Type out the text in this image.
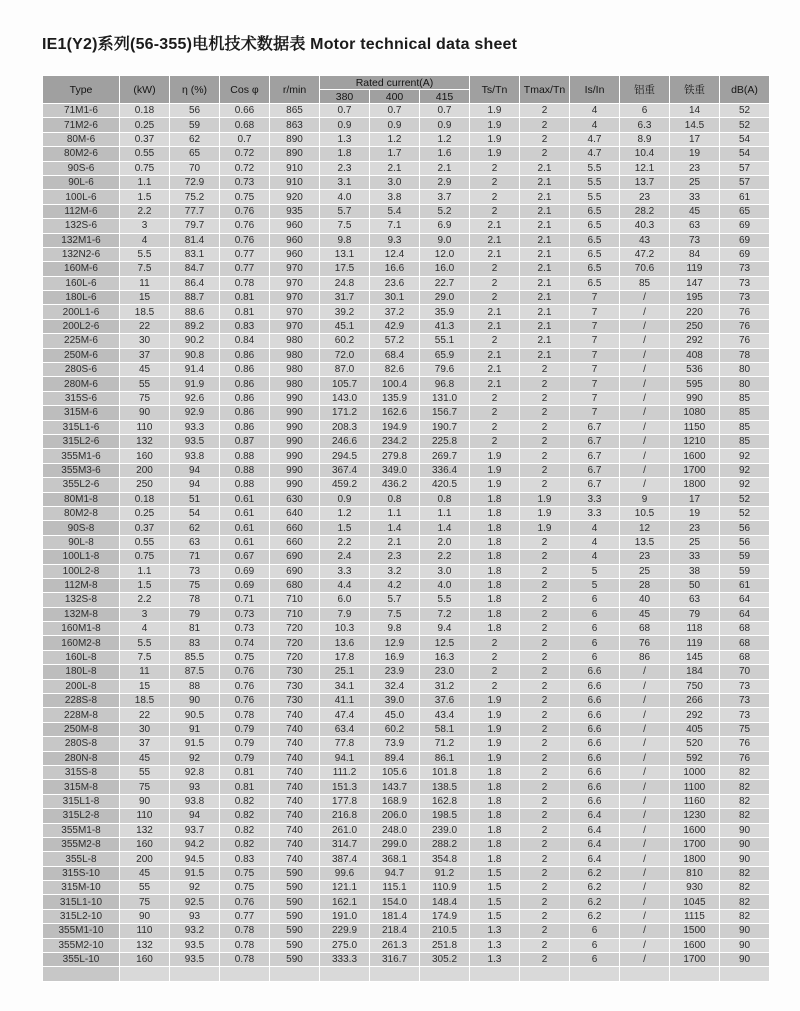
IE1(Y2)系列(56-355)电机技术数据表 Motor technical data sheet
Type	(kW)	η (%)	Cos φ	r/min	Rated current(A)			Ts/Tn	Tmax/Tn	Is/In	铝重	铁重	dB(A)
					380	400	415						
71M1-6	0.18	56	0.66	865	0.7	0.7	0.7	1.9	2	4	6	14	52
71M2-6	0.25	59	0.68	863	0.9	0.9	0.9	1.9	2	4	6.3	14.5	52
80M-6	0.37	62	0.7	890	1.3	1.2	1.2	1.9	2	4.7	8.9	17	54
80M2-6	0.55	65	0.72	890	1.8	1.7	1.6	1.9	2	4.7	10.4	19	54
90S-6	0.75	70	0.72	910	2.3	2.1	2.1	2	2.1	5.5	12.1	23	57
90L-6	1.1	72.9	0.73	910	3.1	3.0	2.9	2	2.1	5.5	13.7	25	57
100L-6	1.5	75.2	0.75	920	4.0	3.8	3.7	2	2.1	5.5	23	33	61
112M-6	2.2	77.7	0.76	935	5.7	5.4	5.2	2	2.1	6.5	28.2	45	65
132S-6	3	79.7	0.76	960	7.5	7.1	6.9	2.1	2.1	6.5	40.3	63	69
132M1-6	4	81.4	0.76	960	9.8	9.3	9.0	2.1	2.1	6.5	43	73	69
132N2-6	5.5	83.1	0.77	960	13.1	12.4	12.0	2.1	2.1	6.5	47.2	84	69
160M-6	7.5	84.7	0.77	970	17.5	16.6	16.0	2	2.1	6.5	70.6	119	73
160L-6	11	86.4	0.78	970	24.8	23.6	22.7	2	2.1	6.5	85	147	73
180L-6	15	88.7	0.81	970	31.7	30.1	29.0	2	2.1	7	/	195	73
200L1-6	18.5	88.6	0.81	970	39.2	37.2	35.9	2.1	2.1	7	/	220	76
200L2-6	22	89.2	0.83	970	45.1	42.9	41.3	2.1	2.1	7	/	250	76
225M-6	30	90.2	0.84	980	60.2	57.2	55.1	2	2.1	7	/	292	76
250M-6	37	90.8	0.86	980	72.0	68.4	65.9	2.1	2.1	7	/	408	78
280S-6	45	91.4	0.86	980	87.0	82.6	79.6	2.1	2	7	/	536	80
280M-6	55	91.9	0.86	980	105.7	100.4	96.8	2.1	2	7	/	595	80
315S-6	75	92.6	0.86	990	143.0	135.9	131.0	2	2	7	/	990	85
315M-6	90	92.9	0.86	990	171.2	162.6	156.7	2	2	7	/	1080	85
315L1-6	110	93.3	0.86	990	208.3	194.9	190.7	2	2	6.7	/	1150	85
315L2-6	132	93.5	0.87	990	246.6	234.2	225.8	2	2	6.7	/	1210	85
355M1-6	160	93.8	0.88	990	294.5	279.8	269.7	1.9	2	6.7	/	1600	92
355M3-6	200	94	0.88	990	367.4	349.0	336.4	1.9	2	6.7	/	1700	92
355L2-6	250	94	0.88	990	459.2	436.2	420.5	1.9	2	6.7	/	1800	92
80M1-8	0.18	51	0.61	630	0.9	0.8	0.8	1.8	1.9	3.3	9	17	52
80M2-8	0.25	54	0.61	640	1.2	1.1	1.1	1.8	1.9	3.3	10.5	19	52
90S-8	0.37	62	0.61	660	1.5	1.4	1.4	1.8	1.9	4	12	23	56
90L-8	0.55	63	0.61	660	2.2	2.1	2.0	1.8	2	4	13.5	25	56
100L1-8	0.75	71	0.67	690	2.4	2.3	2.2	1.8	2	4	23	33	59
100L2-8	1.1	73	0.69	690	3.3	3.2	3.0	1.8	2	5	25	38	59
112M-8	1.5	75	0.69	680	4.4	4.2	4.0	1.8	2	5	28	50	61
132S-8	2.2	78	0.71	710	6.0	5.7	5.5	1.8	2	6	40	63	64
132M-8	3	79	0.73	710	7.9	7.5	7.2	1.8	2	6	45	79	64
160M1-8	4	81	0.73	720	10.3	9.8	9.4	1.8	2	6	68	118	68
160M2-8	5.5	83	0.74	720	13.6	12.9	12.5	2	2	6	76	119	68
160L-8	7.5	85.5	0.75	720	17.8	16.9	16.3	2	2	6	86	145	68
180L-8	11	87.5	0.76	730	25.1	23.9	23.0	2	2	6.6	/	184	70
200L-8	15	88	0.76	730	34.1	32.4	31.2	2	2	6.6	/	750	73
228S-8	18.5	90	0.76	730	41.1	39.0	37.6	1.9	2	6.6	/	266	73
228M-8	22	90.5	0.78	740	47.4	45.0	43.4	1.9	2	6.6	/	292	73
250M-8	30	91	0.79	740	63.4	60.2	58.1	1.9	2	6.6	/	405	75
280S-8	37	91.5	0.79	740	77.8	73.9	71.2	1.9	2	6.6	/	520	76
280N-8	45	92	0.79	740	94.1	89.4	86.1	1.9	2	6.6	/	592	76
315S-8	55	92.8	0.81	740	111.2	105.6	101.8	1.8	2	6.6	/	1000	82
315M-8	75	93	0.81	740	151.3	143.7	138.5	1.8	2	6.6	/	1100	82
315L1-8	90	93.8	0.82	740	177.8	168.9	162.8	1.8	2	6.6	/	1160	82
315L2-8	110	94	0.82	740	216.8	206.0	198.5	1.8	2	6.4	/	1230	82
355M1-8	132	93.7	0.82	740	261.0	248.0	239.0	1.8	2	6.4	/	1600	90
355M2-8	160	94.2	0.82	740	314.7	299.0	288.2	1.8	2	6.4	/	1700	90
355L-8	200	94.5	0.83	740	387.4	368.1	354.8	1.8	2	6.4	/	1800	90
315S-10	45	91.5	0.75	590	99.6	94.7	91.2	1.5	2	6.2	/	810	82
315M-10	55	92	0.75	590	121.1	115.1	110.9	1.5	2	6.2	/	930	82
315L1-10	75	92.5	0.76	590	162.1	154.0	148.4	1.5	2	6.2	/	1045	82
315L2-10	90	93	0.77	590	191.0	181.4	174.9	1.5	2	6.2	/	1115	82
355M1-10	110	93.2	0.78	590	229.9	218.4	210.5	1.3	2	6	/	1500	90
355M2-10	132	93.5	0.78	590	275.0	261.3	251.8	1.3	2	6	/	1600	90
355L-10	160	93.5	0.78	590	333.3	316.7	305.2	1.3	2	6	/	1700	90
